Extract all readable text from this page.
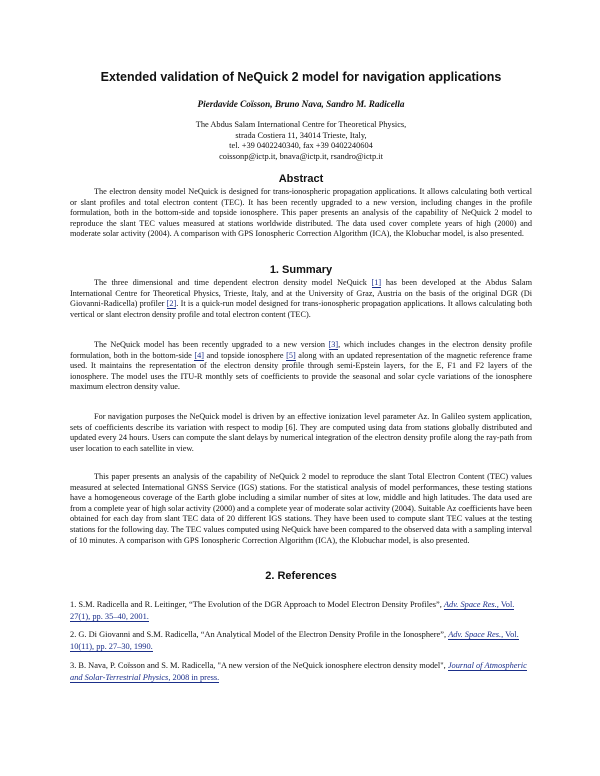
Extended validation of NeQuick 2 model for navigation applications
Pierdavide Coïsson, Bruno Nava, Sandro M. Radicella
The Abdus Salam International Centre for Theoretical Physics,
strada Costiera 11, 34014 Trieste, Italy,
tel. +39 0402240340, fax +39 0402240604
coissonp@ictp.it, bnava@ictp.it, rsandro@ictp.it
Abstract
The electron density model NeQuick is designed for trans-ionospheric propagation applications. It allows calculating both vertical or slant profiles and total electron content (TEC). It has been recently upgraded to a new version, including changes in the profile formulation, both in the bottom-side and topside ionosphere. This paper presents an analysis of the capability of NeQuick 2 model to reproduce the slant TEC values measured at stations worldwide distributed. The data used cover complete years of high (2000) and moderate solar activity (2004). A comparison with GPS Ionospheric Correction Algorithm (ICA), the Klobuchar model, is also presented.
1. Summary
The three dimensional and time dependent electron density model NeQuick [1] has been developed at the Abdus Salam International Centre for Theoretical Physics, Trieste, Italy, and at the University of Graz, Austria on the basis of the original DGR (Di Giovanni-Radicella) profiler [2]. It is a quick-run model designed for trans-ionospheric propagation applications. It allows calculating both vertical or slant electron density profile and total electron content (TEC).
The NeQuick model has been recently upgraded to a new version [3], which includes changes in the electron density profile formulation, both in the bottom-side [4] and topside ionosphere [5] along with an updated representation of the magnetic reference frame used. It maintains the representation of the electron density profile through semi-Epstein layers, for the E, F1 and F2 layers of the ionosphere. The model uses the ITU-R monthly sets of coefficients to provide the seasonal and solar cycle variations of the ionosphere maximum electron density value.
For navigation purposes the NeQuick model is driven by an effective ionization level parameter Az. In Galileo system application, sets of coefficients describe its variation with respect to modip [6]. They are computed using data from stations globally distributed and updated every 24 hours. Users can compute the slant delays by numerical integration of the electron density profile along the ray-path from user location to each satellite in view.
This paper presents an analysis of the capability of NeQuick 2 model to reproduce the slant Total Electron Content (TEC) values measured at selected International GNSS Service (IGS) stations. For the statistical analysis of model performances, these testing stations have a homogeneous coverage of the Earth globe including a similar number of sites at low, middle and high latitudes. The data used are from a complete year of high solar activity (2000) and a complete year of moderate solar activity (2004). Suitable Az coefficients have been obtained for each day from slant TEC data of 20 different IGS stations. They have been used to compute slant TEC values at the testing stations for the following day. The TEC values computed using NeQuick have been compared to the observed data with a sampling interval of 10 minutes. A comparison with GPS Ionospheric Correction Algorithm (ICA), the Klobuchar model, is also presented.
2. References
1. S.M. Radicella and R. Leitinger, “The Evolution of the DGR Approach to Model Electron Density Profiles”, Adv. Space Res., Vol. 27(1), pp. 35–40, 2001.
2. G. Di Giovanni and S.M. Radicella, “An Analytical Model of the Electron Density Profile in the Ionosphere”, Adv. Space Res., Vol. 10(11), pp. 27–30, 1990.
3. B. Nava, P. Coïsson and S. M. Radicella, "A new version of the NeQuick ionosphere electron density model", Journal of Atmospheric and Solar-Terrestrial Physics, 2008 in press.
